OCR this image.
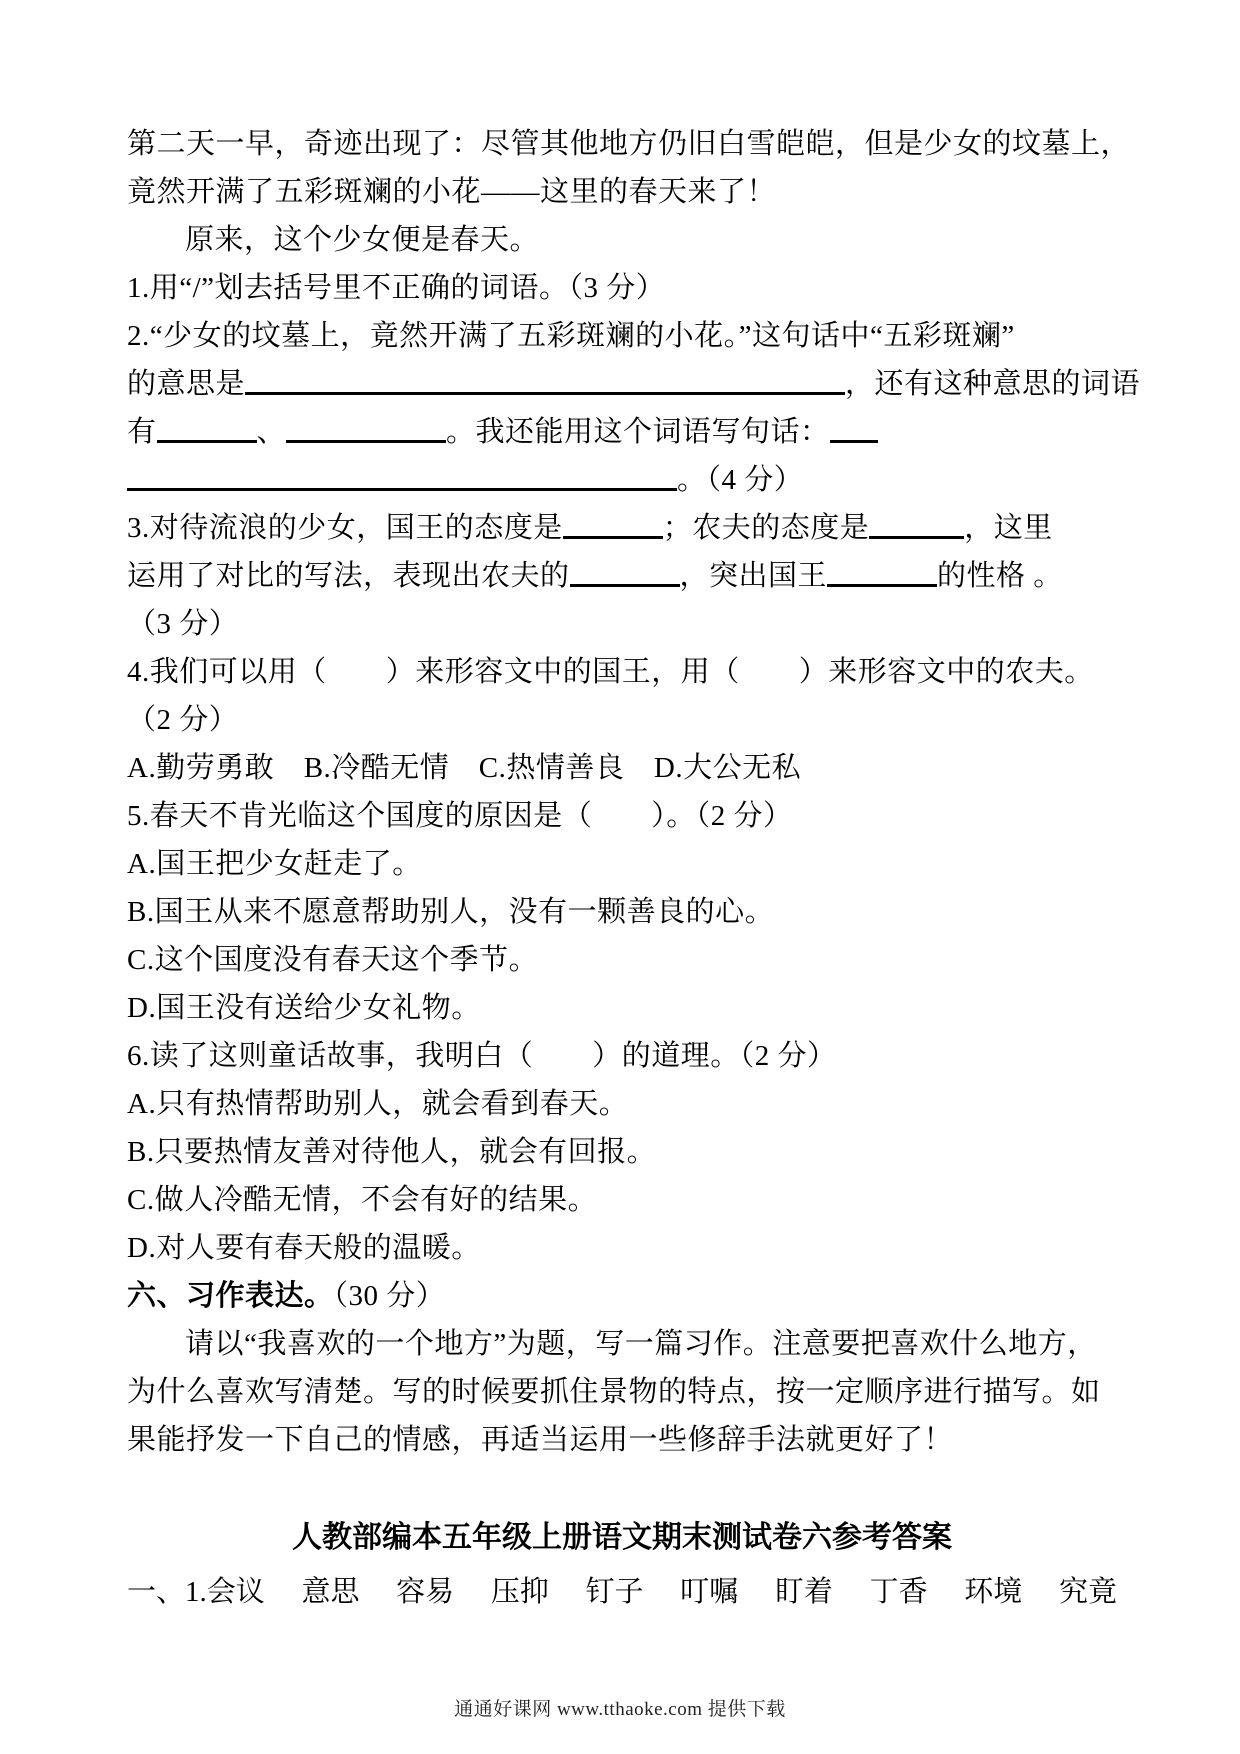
第二天一早，奇迹出现了：尽管其他地方仍旧白雪皑皑，但是少女的坟墓上，
竟然开满了五彩斑斓的小花——这里的春天来了！
原来，这个少女便是春天。
1.用“/”划去括号里不正确的词语。（3 分）
2.“少女的坟墓上，竟然开满了五彩斑斓的小花。”这句话中“五彩斑斓”
的意思是	，还有这种意思的词语
有	、	。我还能用这个词语写句话：
。（4 分）
3.对待流浪的少女，国王的态度是	；农夫的态度是	，这里
运用了对比的写法，表现出农夫的	，突出国王	的性格 。
（3 分）
4.我们可以用（　　）来形容文中的国王，用（　　）来形容文中的农夫。
（2 分）
A.勤劳勇敢　B.冷酷无情　C.热情善良　D.大公无私
5.春天不肯光临这个国度的原因是（　　）。（2 分）
A.国王把少女赶走了。
B.国王从来不愿意帮助别人，没有一颗善良的心。
C.这个国度没有春天这个季节。
D.国王没有送给少女礼物。
6.读了这则童话故事，我明白（　　）的道理。（2 分）
A.只有热情帮助别人，就会看到春天。
B.只要热情友善对待他人，就会有回报。
C.做人冷酷无情，不会有好的结果。
D.对人要有春天般的温暖。
六、习作表达。（30 分）
请以“我喜欢的一个地方”为题，写一篇习作。注意要把喜欢什么地方，
为什么喜欢写清楚。写的时候要抓住景物的特点，按一定顺序进行描写。如
果能抒发一下自己的情感，再适当运用一些修辞手法就更好了！
人教部编本五年级上册语文期末测试卷六参考答案
一、1.会议 意思 容易 压抑 钉子 叮嘱 盯着 丁香 环境 究竟
通通好课网 www.tthaoke.com 提供下载
